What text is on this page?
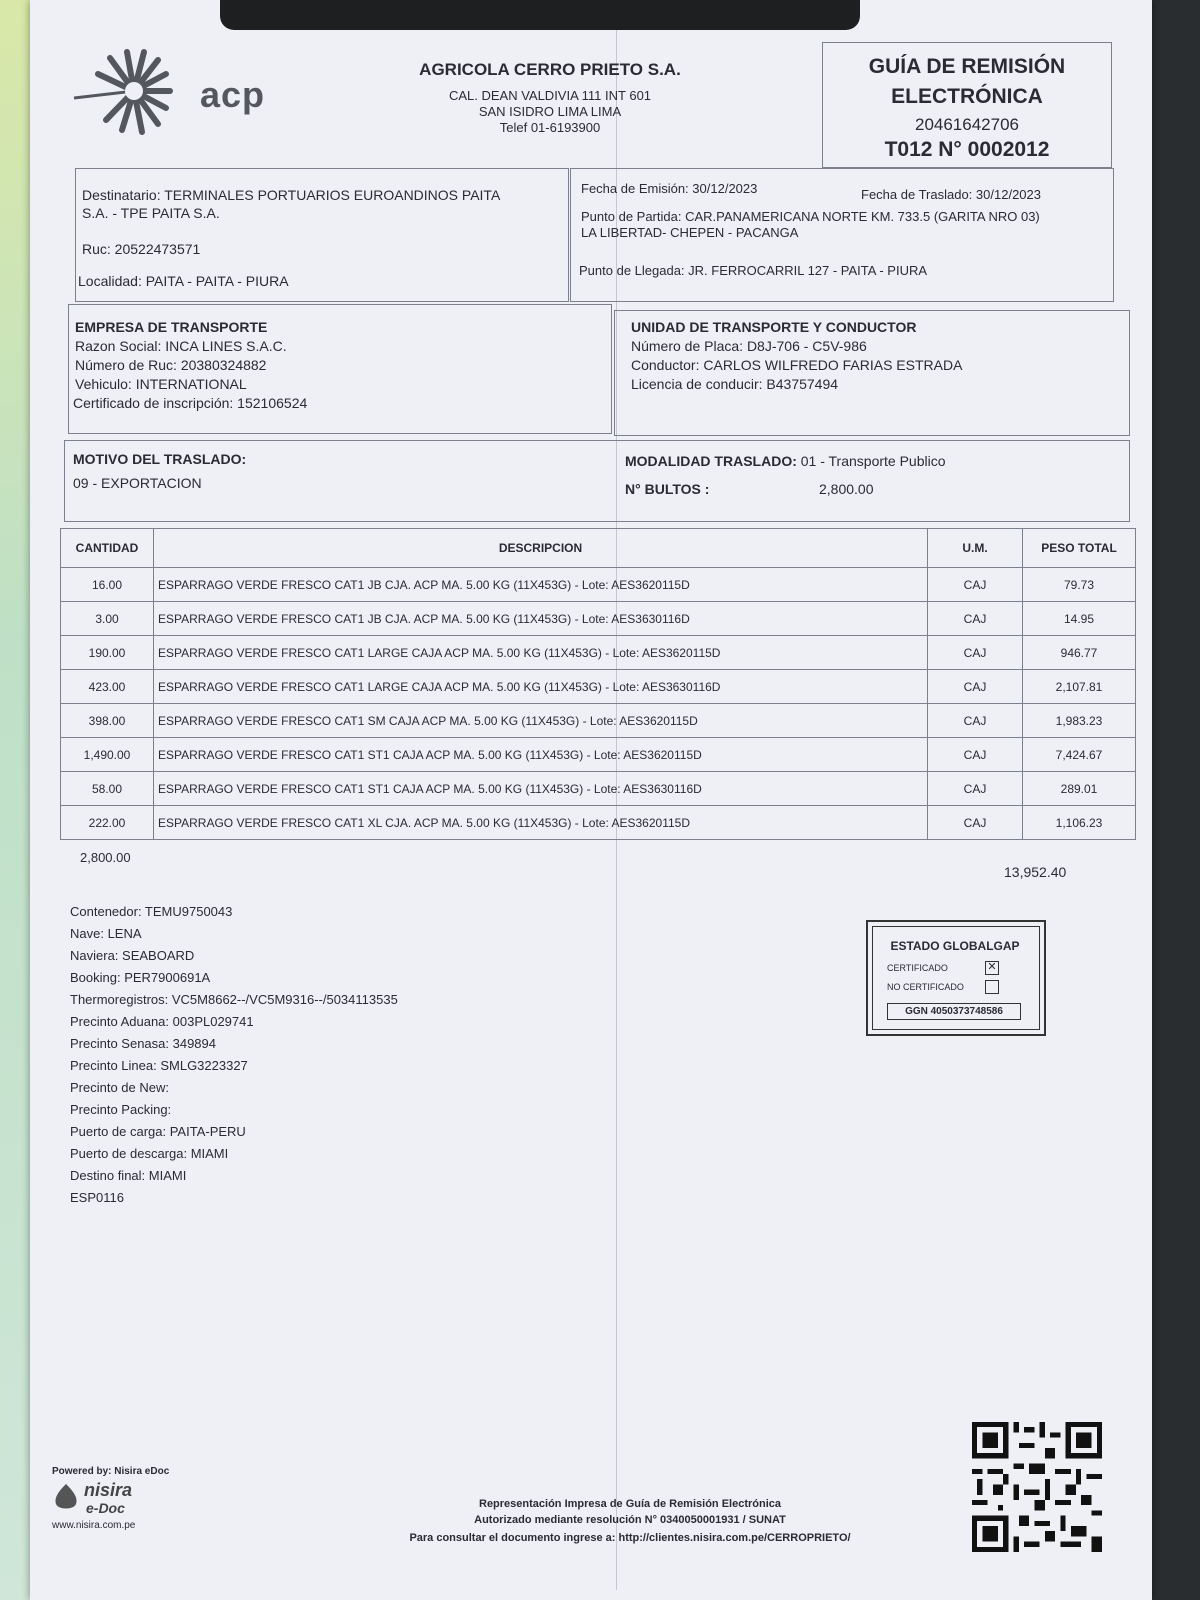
acp
AGRICOLA CERRO PRIETO S.A.
CAL. DEAN VALDIVIA 111 INT 601
SAN ISIDRO LIMA LIMA
Telef 01-6193900
GUÍA DE REMISIÓN
ELECTRÓNICA
20461642706
T012 N° 0002012
Destinatario: TERMINALES PORTUARIOS EUROANDINOS PAITA
S.A. - TPE PAITA S.A.
Ruc: 20522473571
Localidad: PAITA - PAITA - PIURA
Fecha de Emisión: 30/12/2023	Fecha de Traslado: 30/12/2023
Punto de Partida: CAR.PANAMERICANA NORTE KM. 733.5 (GARITA NRO 03)
LA LIBERTAD- CHEPEN - PACANGA
Punto de Llegada: JR. FERROCARRIL 127 - PAITA - PIURA
EMPRESA DE TRANSPORTE
Razon Social: INCA LINES S.A.C.
Número de Ruc: 20380324882
Vehiculo: INTERNATIONAL
Certificado de inscripción: 152106524
UNIDAD DE TRANSPORTE Y CONDUCTOR
Número de Placa: D8J-706 - C5V-986
Conductor: CARLOS WILFREDO FARIAS ESTRADA
Licencia de conducir: B43757494
MOTIVO DEL TRASLADO:
09 - EXPORTACION
MODALIDAD TRASLADO: 01 - Transporte Publico
N° BULTOS :	2,800.00
CANTIDAD	DESCRIPCION	U.M.	PESO TOTAL
16.00	ESPARRAGO VERDE FRESCO CAT1 JB CJA. ACP MA. 5.00 KG (11X453G) - Lote: AES3620115D	CAJ	79.73
3.00	ESPARRAGO VERDE FRESCO CAT1 JB CJA. ACP MA. 5.00 KG (11X453G) - Lote: AES3630116D	CAJ	14.95
190.00	ESPARRAGO VERDE FRESCO CAT1 LARGE CAJA ACP MA. 5.00 KG (11X453G) - Lote: AES3620115D	CAJ	946.77
423.00	ESPARRAGO VERDE FRESCO CAT1 LARGE CAJA ACP MA. 5.00 KG (11X453G) - Lote: AES3630116D	CAJ	2,107.81
398.00	ESPARRAGO VERDE FRESCO CAT1 SM CAJA ACP MA. 5.00 KG (11X453G) - Lote: AES3620115D	CAJ	1,983.23
1,490.00	ESPARRAGO VERDE FRESCO CAT1 ST1 CAJA ACP MA. 5.00 KG (11X453G) - Lote: AES3620115D	CAJ	7,424.67
58.00	ESPARRAGO VERDE FRESCO CAT1 ST1 CAJA ACP MA. 5.00 KG (11X453G) - Lote: AES3630116D	CAJ	289.01
222.00	ESPARRAGO VERDE FRESCO CAT1 XL CJA. ACP MA. 5.00 KG (11X453G) - Lote: AES3620115D	CAJ	1,106.23
2,800.00
13,952.40
Contenedor: TEMU9750043
Nave: LENA
Naviera: SEABOARD
Booking: PER7900691A
Thermoregistros: VC5M8662--/VC5M9316--/5034113535
Precinto Aduana: 003PL029741
Precinto Senasa: 349894
Precinto Linea: SMLG3223327
Precinto de New:
Precinto Packing:
Puerto de carga: PAITA-PERU
Puerto de descarga: MIAMI
Destino final: MIAMI
ESP0116
ESTADO GLOBALGAP
CERTIFICADO	✕
NO CERTIFICADO
GGN 4050373748586
Powered by: Nisira eDoc
nisira
e-Doc
www.nisira.com.pe
Representación Impresa de Guía de Remisión Electrónica
Autorizado mediante resolución N° 0340050001931 / SUNAT
Para consultar el documento ingrese a: http://clientes.nisira.com.pe/CERROPRIETO/
